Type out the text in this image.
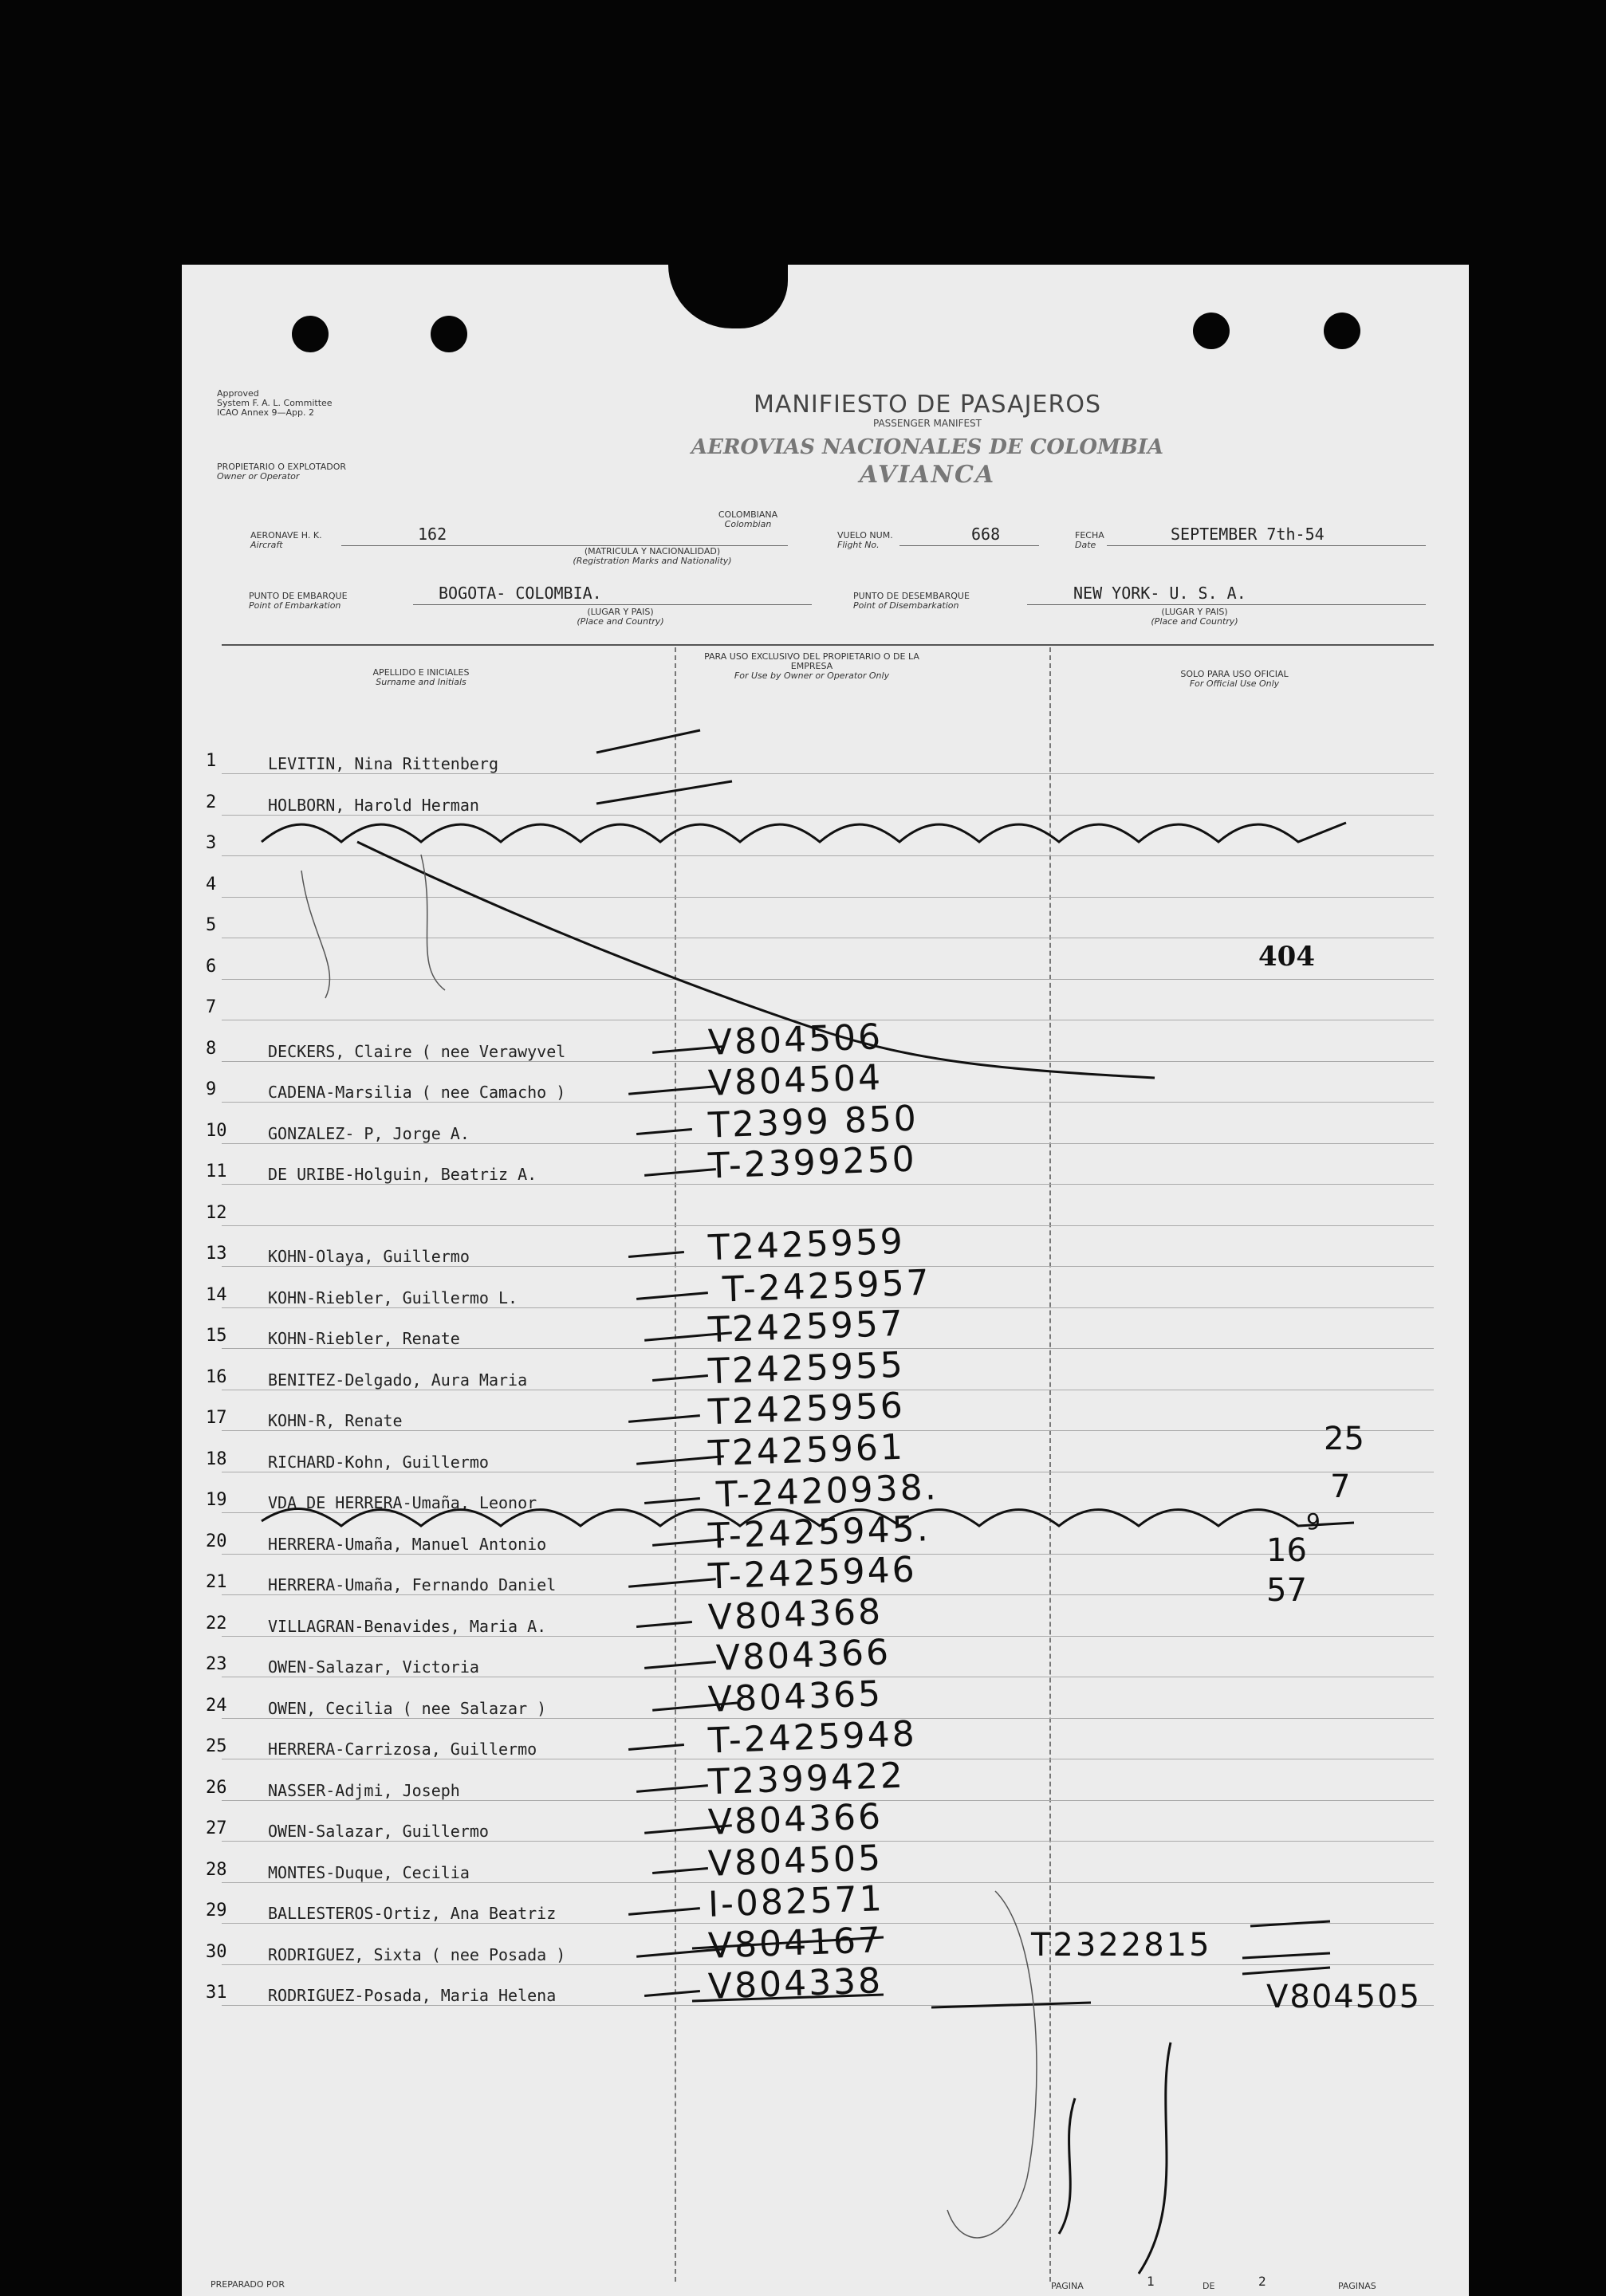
Approved
System F. A. L. Committee
ICAO Annex 9—App. 2
PROPIETARIO O EXPLOTADOR
Owner or Operator
MANIFIESTO DE PASAJEROS
PASSENGER MANIFEST
AEROVIAS NACIONALES DE COLOMBIA
AVIANCA
AERONAVE H. K.
Aircraft
162
COLOMBIANA
Colombian
(MATRICULA Y NACIONALIDAD)
(Registration Marks and Nationality)
VUELO NUM.
Flight No.
668	FECHA
Date
SEPTEMBER 7th-54
PUNTO DE EMBARQUE
Point of Embarkation
BOGOTA- COLOMBIA.
(LUGAR Y PAIS)
(Place and Country)
PUNTO DE DESEMBARQUE
Point of Disembarkation
NEW YORK- U. S. A.
(LUGAR Y PAIS)
(Place and Country)
APELLIDO E INICIALES
Surname and Initials
PARA USO EXCLUSIVO DEL PROPIETARIO O DE LA EMPRESA
For Use by Owner or Operator Only	SOLO PARA USO OFICIAL
For Official Use Only
1	LEVITIN, Nina Rittenberg
2	HOLBORN, Harold Herman
3
4
5
6
7
8	DECKERS, Claire ( nee Verawyvel	V804506
9	CADENA-Marsilia ( nee Camacho )	V804504
10	GONZALEZ- P, Jorge A.	T2399 850
11	DE URIBE-Holguin, Beatriz A.	T-2399250
12
13	KOHN-Olaya, Guillermo	T2425959
14	KOHN-Riebler, Guillermo L.	T-2425957
15	KOHN-Riebler, Renate	T2425957
16	BENITEZ-Delgado, Aura Maria	T2425955
17	KOHN-R, Renate	T2425956
18	RICHARD-Kohn, Guillermo	T2425961
19	VDA DE HERRERA-Umaña, Leonor	T-2420938.
20	HERRERA-Umaña, Manuel Antonio	T-2425945.
21	HERRERA-Umaña, Fernando Daniel	T-2425946
22	VILLAGRAN-Benavides, Maria A.	V804368
23	OWEN-Salazar, Victoria	V804366
24	OWEN, Cecilia ( nee Salazar )	V804365
25	HERRERA-Carrizosa, Guillermo	T-2425948
26	NASSER-Adjmi, Joseph	T2399422
27	OWEN-Salazar, Guillermo	V804366
28	MONTES-Duque, Cecilia	V804505
29	BALLESTEROS-Ortiz, Ana Beatriz	I-082571
30	RODRIGUEZ, Sixta ( nee Posada )	V804167
31	RODRIGUEZ-Posada, Maria Helena	V804338
404
T2322815
V804505
25
7
9
16
57
PREPARADO POR	PAGINA	1	DE	2	PAGINAS
